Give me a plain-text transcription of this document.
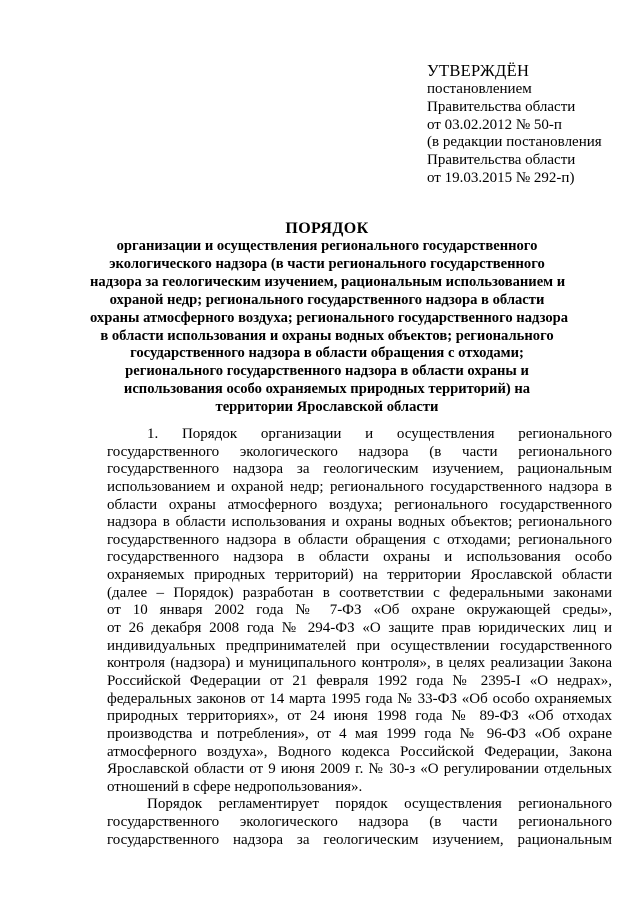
УТВЕРЖДЁН
постановлением
Правительства области
от 03.02.2012 № 50-п
(в редакции постановления
Правительства области
от 19.03.2015 № 292-п)
ПОРЯДОК
организации и осуществления регионального государственного
экологического надзора (в части регионального государственного
надзора за геологическим изучением, рациональным использованием и
охраной недр; регионального государственного надзора в области
охраны атмосферного воздуха; регионального государственного надзора
в области использования и охраны водных объектов; регионального
государственного надзора в области обращения с отходами;
регионального государственного надзора в области охраны и
использования особо охраняемых природных территорий) на
территории Ярославской области
1. Порядок организации и осуществления регионального
государственного экологического надзора (в части регионального
государственного надзора за геологическим изучением, рациональным
использованием и охраной недр; регионального государственного надзора в
области охраны атмосферного воздуха; регионального государственного
надзора в области использования и охраны водных объектов; регионального
государственного надзора в области обращения с отходами; регионального
государственного надзора в области охраны и использования особо
охраняемых природных территорий) на территории Ярославской области
(далее – Порядок) разработан в соответствии с федеральными законами
от 10 января 2002 года № 7-ФЗ «Об охране окружающей среды»,
от 26 декабря 2008 года № 294-ФЗ «О защите прав юридических лиц и
индивидуальных предпринимателей при осуществлении государственного
контроля (надзора) и муниципального контроля», в целях реализации Закона
Российской Федерации от 21 февраля 1992 года № 2395-I «О недрах»,
федеральных законов от 14 марта 1995 года № 33-ФЗ «Об особо охраняемых
природных территориях», от 24 июня 1998 года № 89-ФЗ «Об отходах
производства и потребления», от 4 мая 1999 года № 96-ФЗ «Об охране
атмосферного воздуха», Водного кодекса Российской Федерации, Закона
Ярославской области от 9 июня 2009 г. № 30-з «О регулировании отдельных
отношений в сфере недропользования».
Порядок регламентирует порядок осуществления регионального
государственного экологического надзора (в части регионального
государственного надзора за геологическим изучением, рациональным
